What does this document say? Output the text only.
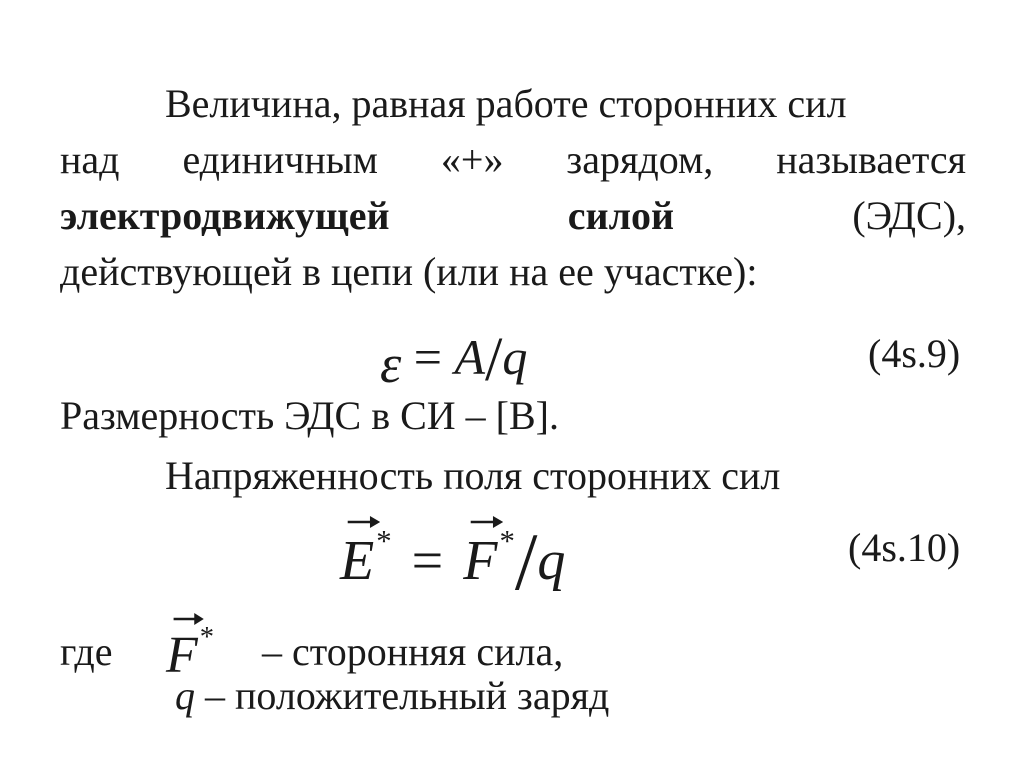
Величина, равная работе сторонних сил
над единичным «+» зарядом, называется
электродвижущей	силой	(ЭДС),
действующей в цепи (или на ее участке):
ε = A/q	(4s.9)
Размерность ЭДС в СИ – [В].
Напряженность поля сторонних сил
E* = F*/q	(4s.10)
где F* – сторонняя сила,
q – положительный заряд
